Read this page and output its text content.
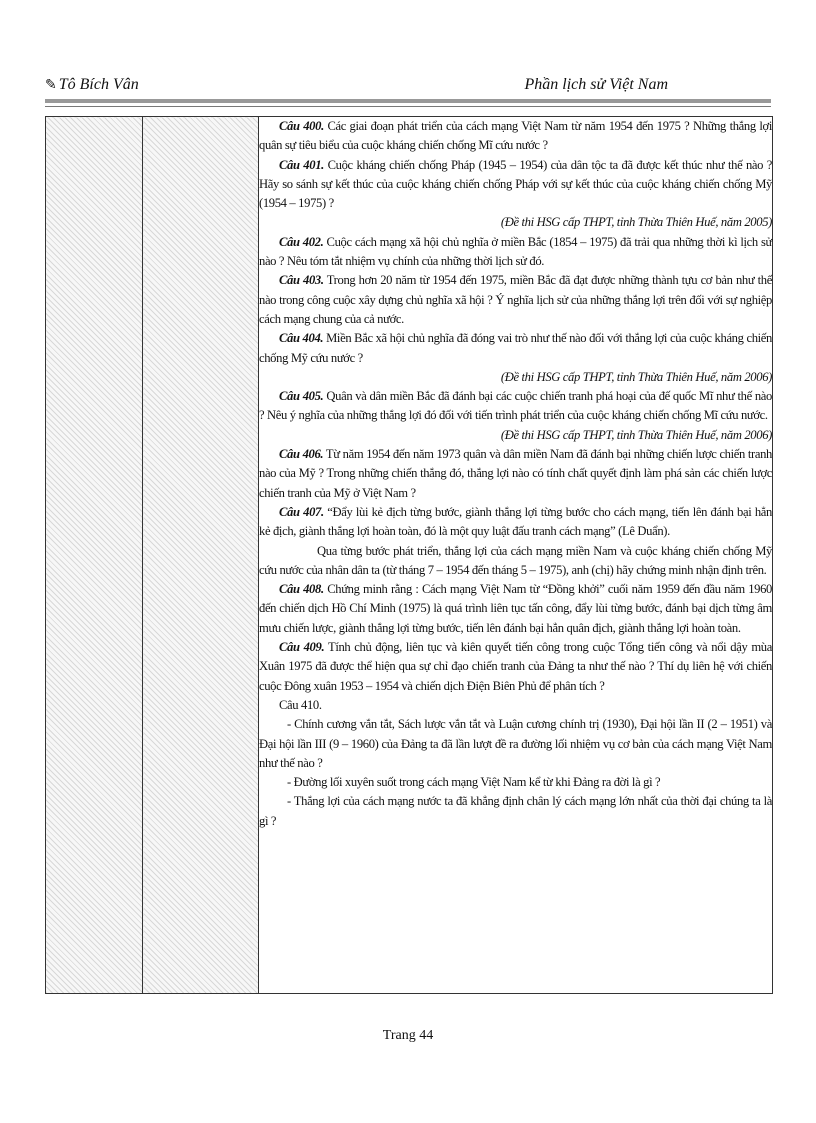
✎ Tô Bích Vân	Phần lịch sử Việt Nam

Câu 400. Các giai đoạn phát triển của cách mạng Việt Nam từ năm 1954 đến 1975 ? Những thắng lợi quân sự tiêu biểu của cuộc kháng chiến chống Mĩ cứu nước ?

Câu 401. Cuộc kháng chiến chống Pháp (1945 – 1954) của dân tộc ta đã được kết thúc như thế nào ? Hãy so sánh sự kết thúc của cuộc kháng chiến chống Pháp với sự kết thúc của cuộc kháng chiến chống Mỹ (1954 – 1975) ?

(Đề thi HSG cấp THPT, tỉnh Thừa Thiên Huế, năm 2005)

Câu 402. Cuộc cách mạng xã hội chủ nghĩa ở miền Bắc (1854 – 1975) đã trải qua những thời kì lịch sử nào ? Nêu tóm tắt nhiệm vụ chính của những thời lịch sử đó.

Câu 403. Trong hơn 20 năm từ 1954 đến 1975, miền Bắc đã đạt được những thành tựu cơ bản như thế nào trong công cuộc xây dựng chủ nghĩa xã hội ? Ý nghĩa lịch sử của những thắng lợi trên đối với sự nghiệp cách mạng chung của cả nước.

Câu 404. Miền Bắc xã hội chủ nghĩa đã đóng vai trò như thế nào đối với thắng lợi của cuộc kháng chiến chống Mỹ cứu nước ?

(Đề thi HSG cấp THPT, tỉnh Thừa Thiên Huế, năm 2006)

Câu 405. Quân và dân miền Bắc đã đánh bại các cuộc chiến tranh phá hoại của đế quốc Mĩ như thế nào ? Nêu ý nghĩa của những thắng lợi đó đối với tiến trình phát triển của cuộc kháng chiến chống Mĩ cứu nước.

(Đề thi HSG cấp THPT, tỉnh Thừa Thiên Huế, năm 2006)

Câu 406. Từ năm 1954 đến năm 1973 quân và dân miền Nam đã đánh bại những chiến lược chiến tranh nào của Mỹ ? Trong những chiến thắng đó, thắng lợi nào có tính chất quyết định làm phá sản các chiến lược chiến tranh của Mỹ ở Việt Nam ?

Câu 407. “Đẩy lùi kẻ địch từng bước, giành thắng lợi từng bước cho cách mạng, tiến lên đánh bại hẳn kẻ địch, giành thắng lợi hoàn toàn, đó là một quy luật đấu tranh cách mạng” (Lê Duẩn).

Qua từng bước phát triển, thắng lợi của cách mạng miền Nam và cuộc kháng chiến chống Mỹ cứu nước của nhân dân ta (từ tháng 7 – 1954 đến tháng 5 – 1975), anh (chị) hãy chứng minh nhận định trên.

Câu 408. Chứng minh rằng : Cách mạng Việt Nam từ “Đồng khởi” cuối năm 1959 đến đầu năm 1960 đến chiến dịch Hồ Chí Minh (1975) là quá trình liên tục tấn công, đẩy lùi từng bước, đánh bại dịch từng âm mưu chiến lược, giành thắng lợi từng bước, tiến lên đánh bại hẳn quân địch, giành thắng lợi hoàn toàn.

Câu 409. Tính chủ động, liên tục và kiên quyết tiến công trong cuộc Tổng tiến công và nổi dậy mùa Xuân 1975 đã được thể hiện qua sự chỉ đạo chiến tranh của Đảng ta như thế nào ? Thí dụ liên hệ với chiến cuộc Đông xuân 1953 – 1954 và chiến dịch Điện Biên Phủ để phân tích ?

Câu 410.

- Chính cương vắn tắt, Sách lược vắn tắt và Luận cương chính trị (1930), Đại hội lần II (2 – 1951) và Đại hội lần III (9 – 1960) của Đảng ta đã lần lượt đề ra đường lối nhiệm vụ cơ bản của cách mạng Việt Nam như thế nào ?

- Đường lối xuyên suốt trong cách mạng Việt Nam kể từ khi Đảng ra đời là gì ?

- Thắng lợi của cách mạng nước ta đã khẳng định chân lý cách mạng lớn nhất của thời đại chúng ta là gì ?

Trang 44
